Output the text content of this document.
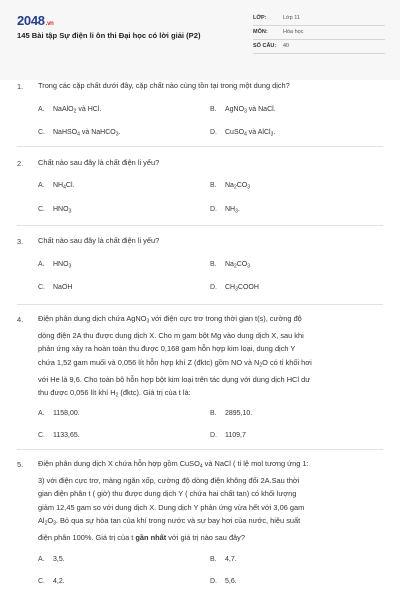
2048.vn
145 Bài tập Sự điện li ôn thi Đại học có lời giải (P2)
LỚP:	Lớp 11
MÔN:	Hóa học
SỐ CÂU: 40
1. Trong các cặp chất dưới đây, cặp chất nào cùng tồn tại trong một dung dịch?
A. NaAlO$_2$ và HCl.	B. AgNO$_3$ và NaCl.
C. NaHSO$_4$ và NaHCO$_3$.	D. CuSO$_4$ và AlCl$_3$.
2. Chất nào sau đây là chất điện li yếu?
A. $NH_4Cl$.	B. $Na_2CO_3$
C. $HNO_3$	D. $NH_3$.
3. Chất nào sau đây là chất điện li yếu?
A. $HNO_3$	B. $Na_2CO_3$
C. NaOH	D. $CH_3COOH$
4. Điện phân dung dịch chứa AgNO$_3$ với điện cực trơ trong thời gian t(s), cường độ
dòng điện 2A thu được dung dịch X. Cho m gam bột Mg vào dung dịch X, sau khi
phản ứng xảy ra hoàn toàn thu được 0,168 gam hỗn hợp kim loại, dung dịch Y
chứa 1,52 gam muối và 0,056 lít hỗn hợp khí Z (đktc) gồm NO và $N_2O$ có tỉ khối hơi
với He là 9,6. Cho toàn bộ hỗn hợp bột kim loại trên tác dụng với dung dịch HCl dư
thu được 0,056 lít khí $H_2$ (đktc). Giá trị của t là:
A. 1158,00.	B. 2895,10.
C. 1133,65.	D. 1109,7
5. Điện phân dung dịch X chứa hỗn hợp gồm CuSO$_4$ và NaCl ( tỉ lệ mol tương ứng 1:
3) với điện cực trơ, màng ngăn xốp, cường độ dòng điện không đổi 2A.Sau thời
gian điện phân t ( giờ) thu được dung dịch Y ( chứa hai chất tan) có khối lượng
giảm 12,45 gam so với dung dịch X. Dung dịch Y phản ứng vừa hết với 3,06 gam
$Al_2O_3$. Bỏ qua sự hòa tan của khí trong nước và sự bay hơi của nước, hiệu suất
điện phân 100%. Giá trị của t gần nhất với giá trị nào sau đây?
A. 3,5.	B. 4,7.
C. 4,2.	D. 5,6.
